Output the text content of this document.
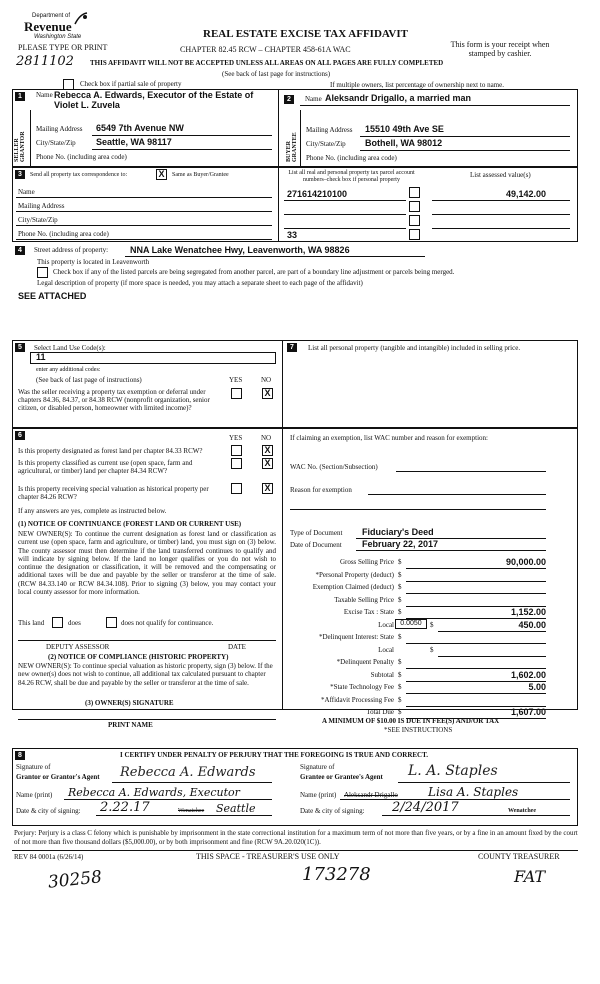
Department of
Revenue
Washington State	REAL ESTATE EXCISE TAX AFFIDAVIT
PLEASE TYPE OR PRINT	CHAPTER 82.45 RCW – CHAPTER 458-61A WAC
This form is your receipt when stamped by cashier.
2811102 THIS AFFIDAVIT WILL NOT BE ACCEPTED UNLESS ALL AREAS ON ALL PAGES ARE FULLY COMPLETED
(See back of last page for instructions)
Check box if partial sale of property	If multiple owners, list percentage of ownership next to name.
1
SELLER GRANTOR
Name Rebecca A. Edwards, Executor of the Estate of Violet L. Zuvela
Mailing Address 6549 7th Avenue NW
City/State/Zip Seattle, WA 98117
Phone No. (including area code)
2	Name Aleksandr Drigallo, a married man
BUYER GRANTEE
Mailing Address 15510 49th Ave SE
City/State/Zip Bothell, WA 98012
Phone No. (including area code)
3	Send all property tax correspondence to:	X	Same as Buyer/Grantee
Name
Mailing Address
City/State/Zip
Phone No. (including area code)
List all real and personal property tax parcel account numbers–check box if personal property
List assessed value(s)
271614210100	49,142.00
33
4	Street address of property: NNA Lake Wenatchee Hwy, Leavenworth, WA 98826
This property is located in Leavenworth
Check box if any of the listed parcels are being segregated from another parcel, are part of a boundary line adjustment or parcels being merged.
Legal description of property (if more space is needed, you may attach a separate sheet to each page of the affidavit)
SEE ATTACHED
5	Select Land Use Code(s):
11
enter any additional codes:
(See back of last page of instructions)	YES	NO
Was the seller receiving a property tax exemption or deferral under chapters 84.36, 84.37, or 84.38 RCW (nonprofit organization, senior citizen, or disabled person, homeowner with limited income)?
X
7	List all personal property (tangible and intangible) included in selling price.
6	YES	NO
Is this property designated as forest land per chapter 84.33 RCW?	X
Is this property classified as current use (open space, farm and agricultural, or timber) land per chapter 84.34 RCW?
X
Is this property receiving special valuation as historical property per chapter 84.26 RCW?
X
If any answers are yes, complete as instructed below.
(1) NOTICE OF CONTINUANCE (FOREST LAND OR CURRENT USE)
NEW OWNER(S): To continue the current designation as forest land or classification as current use (open space, farm and agriculture, or timber) land, you must sign on (3) below. The county assessor must then determine if the land transferred continues to qualify and will indicate by signing below. If the land no longer qualifies or you do not wish to continue the designation or classification, it will be removed and the compensating or additional taxes will be due and payable by the seller or transferor at the time of sale. (RCW 84.33.140 or RCW 84.34.108). Prior to signing (3) below, you may contact your local county assessor for more information.
This land	does	does not qualify for continuance.
DEPUTY ASSESSOR	DATE
(2) NOTICE OF COMPLIANCE (HISTORIC PROPERTY)
NEW OWNER(S): To continue special valuation as historic property, sign (3) below. If the new owner(s) does not wish to continue, all additional tax calculated pursuant to chapter 84.26 RCW, shall be due and payable by the seller or transferor at the time of sale.
(3) OWNER(S) SIGNATURE
PRINT NAME
If claiming an exemption, list WAC number and reason for exemption:
WAC No. (Section/Subsection)
Reason for exemption
Type of Document Fiduciary's Deed
Date of Document February 22, 2017
Gross Selling Price $	90,000.00
*Personal Property (deduct) $
Exemption Claimed (deduct) $
Taxable Selling Price $
Excise Tax : State $	1,152.00
Local	$	450.00
*Delinquent Interest: State $
Local	$
*Delinquent Penalty $
Subtotal $	1,602.00
*State Technology Fee $	5.00
*Affidavit Processing Fee $
Total Due $	1,607.00
0.0050
A MINIMUM OF $10.00 IS DUE IN FEE(S) AND/OR TAX
*SEE INSTRUCTIONS
8	I CERTIFY UNDER PENALTY OF PERJURY THAT THE FOREGOING IS TRUE AND CORRECT.
Signature of
Grantor or Grantor's Agent Rebecca A. Edwards
Name (print) Rebecca A. Edwards, Executor
Date & city of signing: 2.22.17	Wenatchee Seattle
Signature of
Grantee or Grantee's Agent L. A. Staples
Name (print) Aleksandr Drigallo	Lisa A. Staples
Date & city of signing: 2/24/2017	Wenatchee
Perjury: Perjury is a class C felony which is punishable by imprisonment in the state correctional institution for a maximum term of not more than five years, or by a fine in an amount fixed by the court of not more than five thousand dollars ($5,000.00), or by both imprisonment and fine (RCW 9A.20.020(1C)).
REV 84 0001a (6/26/14)	THIS SPACE - TREASURER'S USE ONLY	COUNTY TREASURER
30258	173278	FAT
